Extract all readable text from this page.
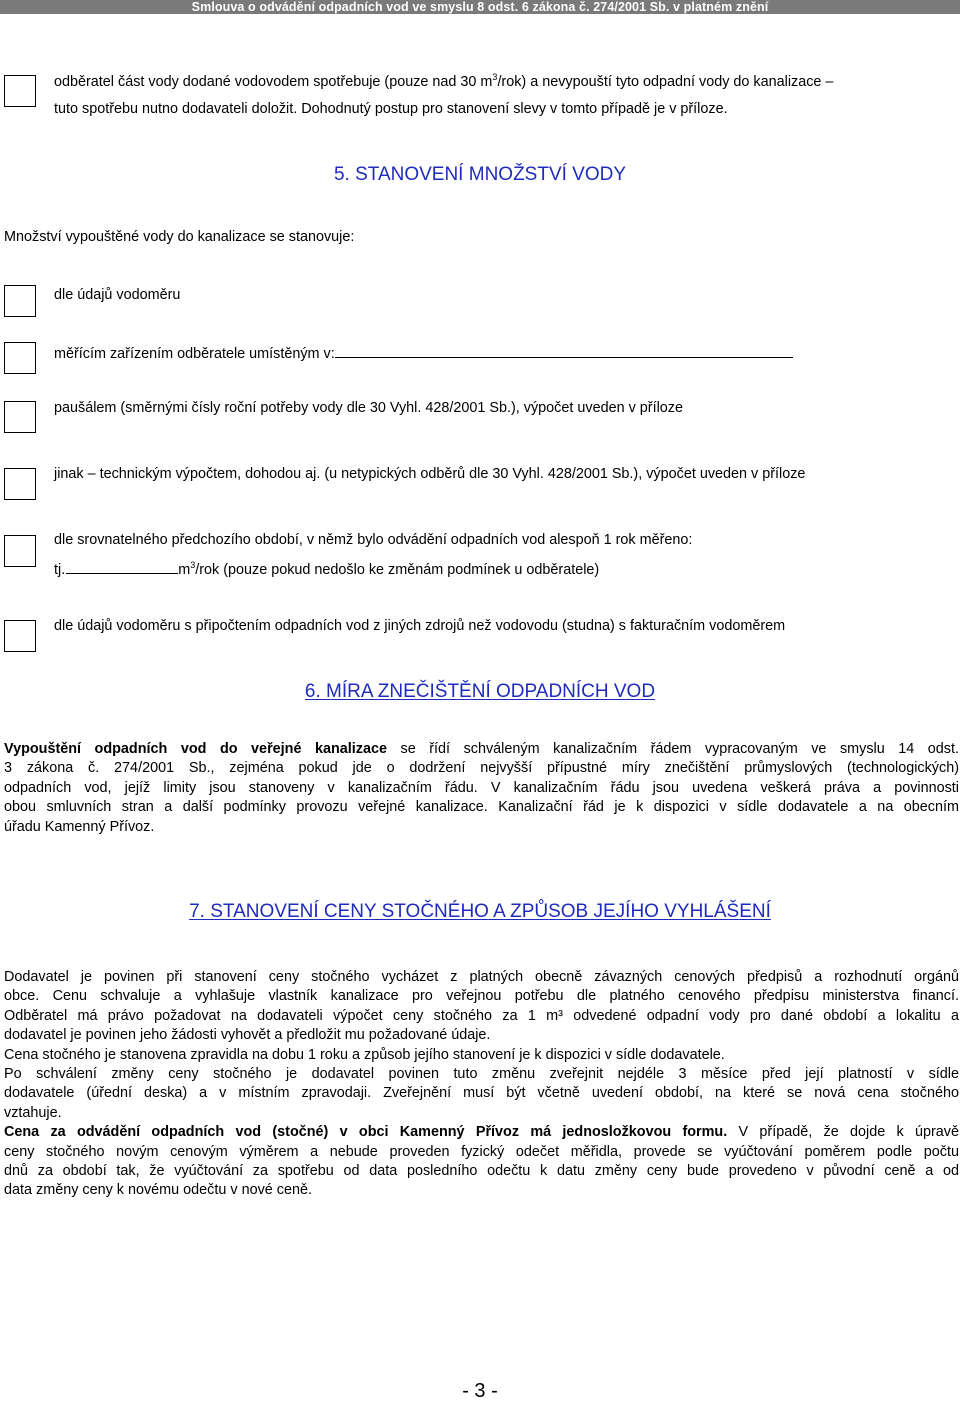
Smlouva o odvádění odpadních vod ve smyslu 8 odst. 6 zákona č. 274/2001 Sb. v platném znění
odběratel část vody dodané vodovodem spotřebuje (pouze nad 30 $m^3/rok$) a nevypouští tyto odpadní vody do kanalizace –
tuto spotřebu nutno dodavateli doložit. Dohodnutý postup pro stanovení slevy v tomto případě je v příloze.
5. STANOVENÍ MNOŽSTVÍ VODY
Množství vypouštěné vody do kanalizace se stanovuje:
dle údajů vodoměru
měřícím zařízením odběratele umístěným v:
paušálem (směrnými čísly roční potřeby vody dle 30 Vyhl. 428/2001 Sb.), výpočet uveden v příloze
jinak – technickým výpočtem, dohodou aj. (u netypických odběrů dle 30 Vyhl. 428/2001 Sb.), výpočet uveden v příloze
dle srovnatelného předchozího období, v němž bylo odvádění odpadních vod alespoň 1 rok měřeno:
tj.	$m^3$/rok (pouze pokud nedošlo ke změnám podmínek u odběratele)
dle údajů vodoměru s připočtením odpadních vod z jiných zdrojů než vodovodu (studna) s fakturačním vodoměrem
6. MÍRA ZNEČIŠTĚNÍ ODPADNÍCH VOD
Vypouštění odpadních vod do veřejné kanalizace se řídí schváleným kanalizačním řádem vypracovaným ve smyslu 14 odst.
3 zákona č. 274/2001 Sb., zejména pokud jde o dodržení nejvyšší přípustné míry znečištění průmyslových (technologických)
odpadních vod, jejíž limity jsou stanoveny v kanalizačním řádu. V kanalizačním řádu jsou uvedena veškerá práva a povinnosti
obou smluvních stran a další podmínky provozu veřejné kanalizace. Kanalizační řád je k dispozici v sídle dodavatele a na obecním
úřadu Kamenný Přívoz.
7. STANOVENÍ CENY STOČNÉHO A ZPŮSOB JEJÍHO VYHLÁŠENÍ
Dodavatel je povinen při stanovení ceny stočného vycházet z platných obecně závazných cenových předpisů a rozhodnutí orgánů
obce. Cenu schvaluje a vyhlašuje vlastník kanalizace pro veřejnou potřebu dle platného cenového předpisu ministerstva financí.
Odběratel má právo požadovat na dodavateli výpočet ceny stočného za 1 m³ odvedené odpadní vody pro dané období a lokalitu a
dodavatel je povinen jeho žádosti vyhovět a předložit mu požadované údaje.
Cena stočného je stanovena zpravidla na dobu 1 roku a způsob jejího stanovení je k dispozici v sídle dodavatele.
Po schválení změny ceny stočného je dodavatel povinen tuto změnu zveřejnit nejdéle 3 měsíce před její platností v sídle
dodavatele (úřední deska) a v místním zpravodaji. Zveřejnění musí být včetně uvedení období, na které se nová cena stočného
vztahuje.
Cena za odvádění odpadních vod (stočné) v obci Kamenný Přívoz má jednosložkovou formu. V případě, že dojde k úpravě
ceny stočného novým cenovým výměrem a nebude proveden fyzický odečet měřidla, provede se vyúčtování poměrem podle počtu
dnů za období tak, že vyúčtování za spotřebu od data posledního odečtu k datu změny ceny bude provedeno v původní ceně a od
data změny ceny k novému odečtu v nové ceně.
- 3 -
